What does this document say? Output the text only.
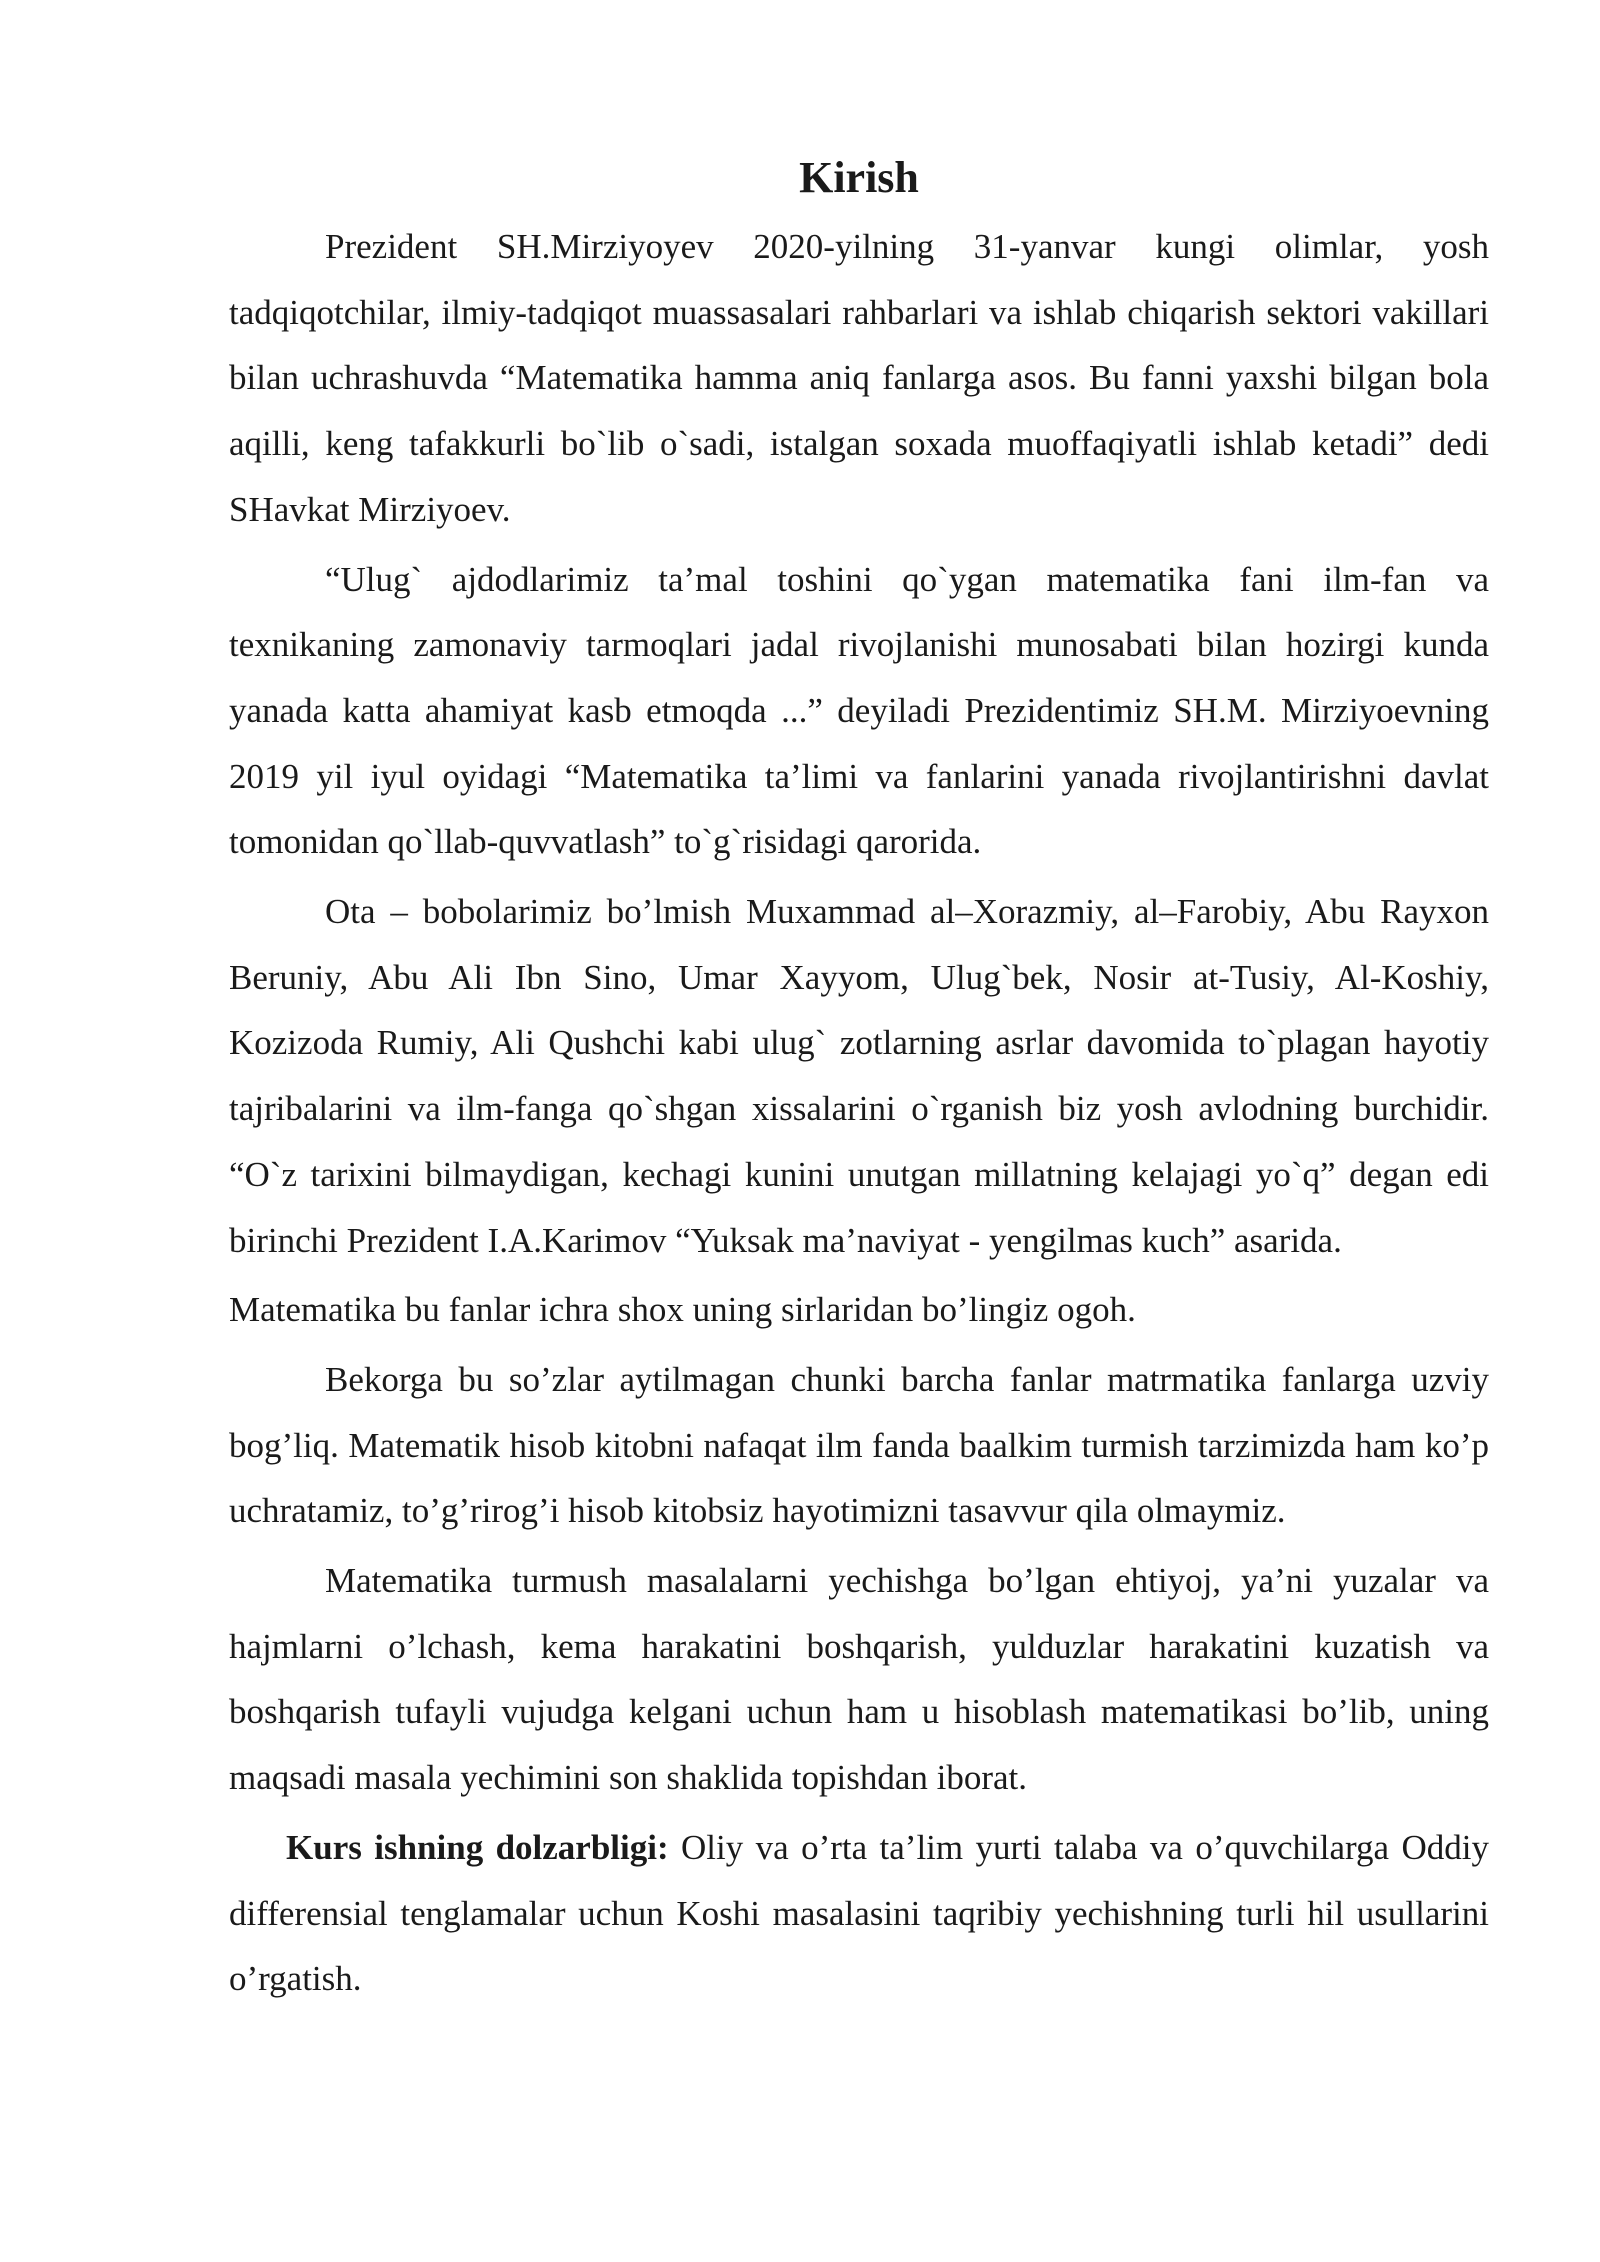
Kirish

Prezident SH.Mirziyoyev 2020-yilning 31-yanvar kungi olimlar, yosh tadqiqotchilar, ilmiy-tadqiqot muassasalari rahbarlari va ishlab chiqarish sektori vakillari bilan uchrashuvda “Matematika hamma aniq fanlarga asos. Bu fanni yaxshi bilgan bola aqilli, keng tafakkurli bo`lib o`sadi, istalgan soxada muoffaqiyatli ishlab ketadi” dedi SHavkat Mirziyoev.

“Ulug` ajdodlarimiz ta’mal toshini qo`ygan matematika fani ilm-fan va texnikaning zamonaviy tarmoqlari jadal rivojlanishi munosabati bilan hozirgi kunda yanada katta ahamiyat kasb etmoqda ...” deyiladi Prezidentimiz SH.M. Mirziyoevning 2019 yil iyul oyidagi “Matematika ta’limi va fanlarini yanada rivojlantirishni davlat tomonidan qo`llab-quvvatlash” to`g`risidagi qarorida.

Ota – bobolarimiz bo’lmish Muxammad al–Xorazmiy, al–Farobiy, Abu Rayxon Beruniy, Abu Ali Ibn Sino, Umar Xayyom, Ulug`bek, Nosir at-Tusiy, Al-Koshiy, Kozizoda Rumiy, Ali Qushchi kabi ulug` zotlarning asrlar davomida to`plagan hayotiy tajribalarini va ilm-fanga qo`shgan xissalarini o`rganish biz yosh avlodning burchidir. “O`z tarixini bilmaydigan, kechagi kunini unutgan millatning kelajagi yo`q” degan edi birinchi Prezident I.A.Karimov “Yuksak ma’naviyat - yengilmas kuch” asarida.

Matematika bu fanlar ichra shox uning sirlaridan bo’lingiz ogoh.

Bekorga bu so’zlar aytilmagan chunki barcha fanlar matrmatika fanlarga uzviy bog’liq. Matematik hisob kitobni nafaqat ilm fanda baalkim turmish tarzimizda ham ko’p uchratamiz, to’g’rirog’i hisob kitobsiz hayotimizni tasavvur qila olmaymiz.

Matematika turmush masalalarni yechishga bo’lgan ehtiyoj, ya’ni yuzalar va hajmlarni o’lchash, kema harakatini boshqarish, yulduzlar harakatini kuzatish va boshqarish tufayli vujudga kelgani uchun ham u hisoblash matematikasi bo’lib, uning maqsadi masala yechimini son shaklida topishdan iborat.

Kurs ishning dolzarbligi: Oliy va o’rta ta’lim yurti talaba va o’quvchilarga Oddiy differensial tenglamalar uchun Koshi masalasini taqribiy yechishning turli hil usullarini o’rgatish.
